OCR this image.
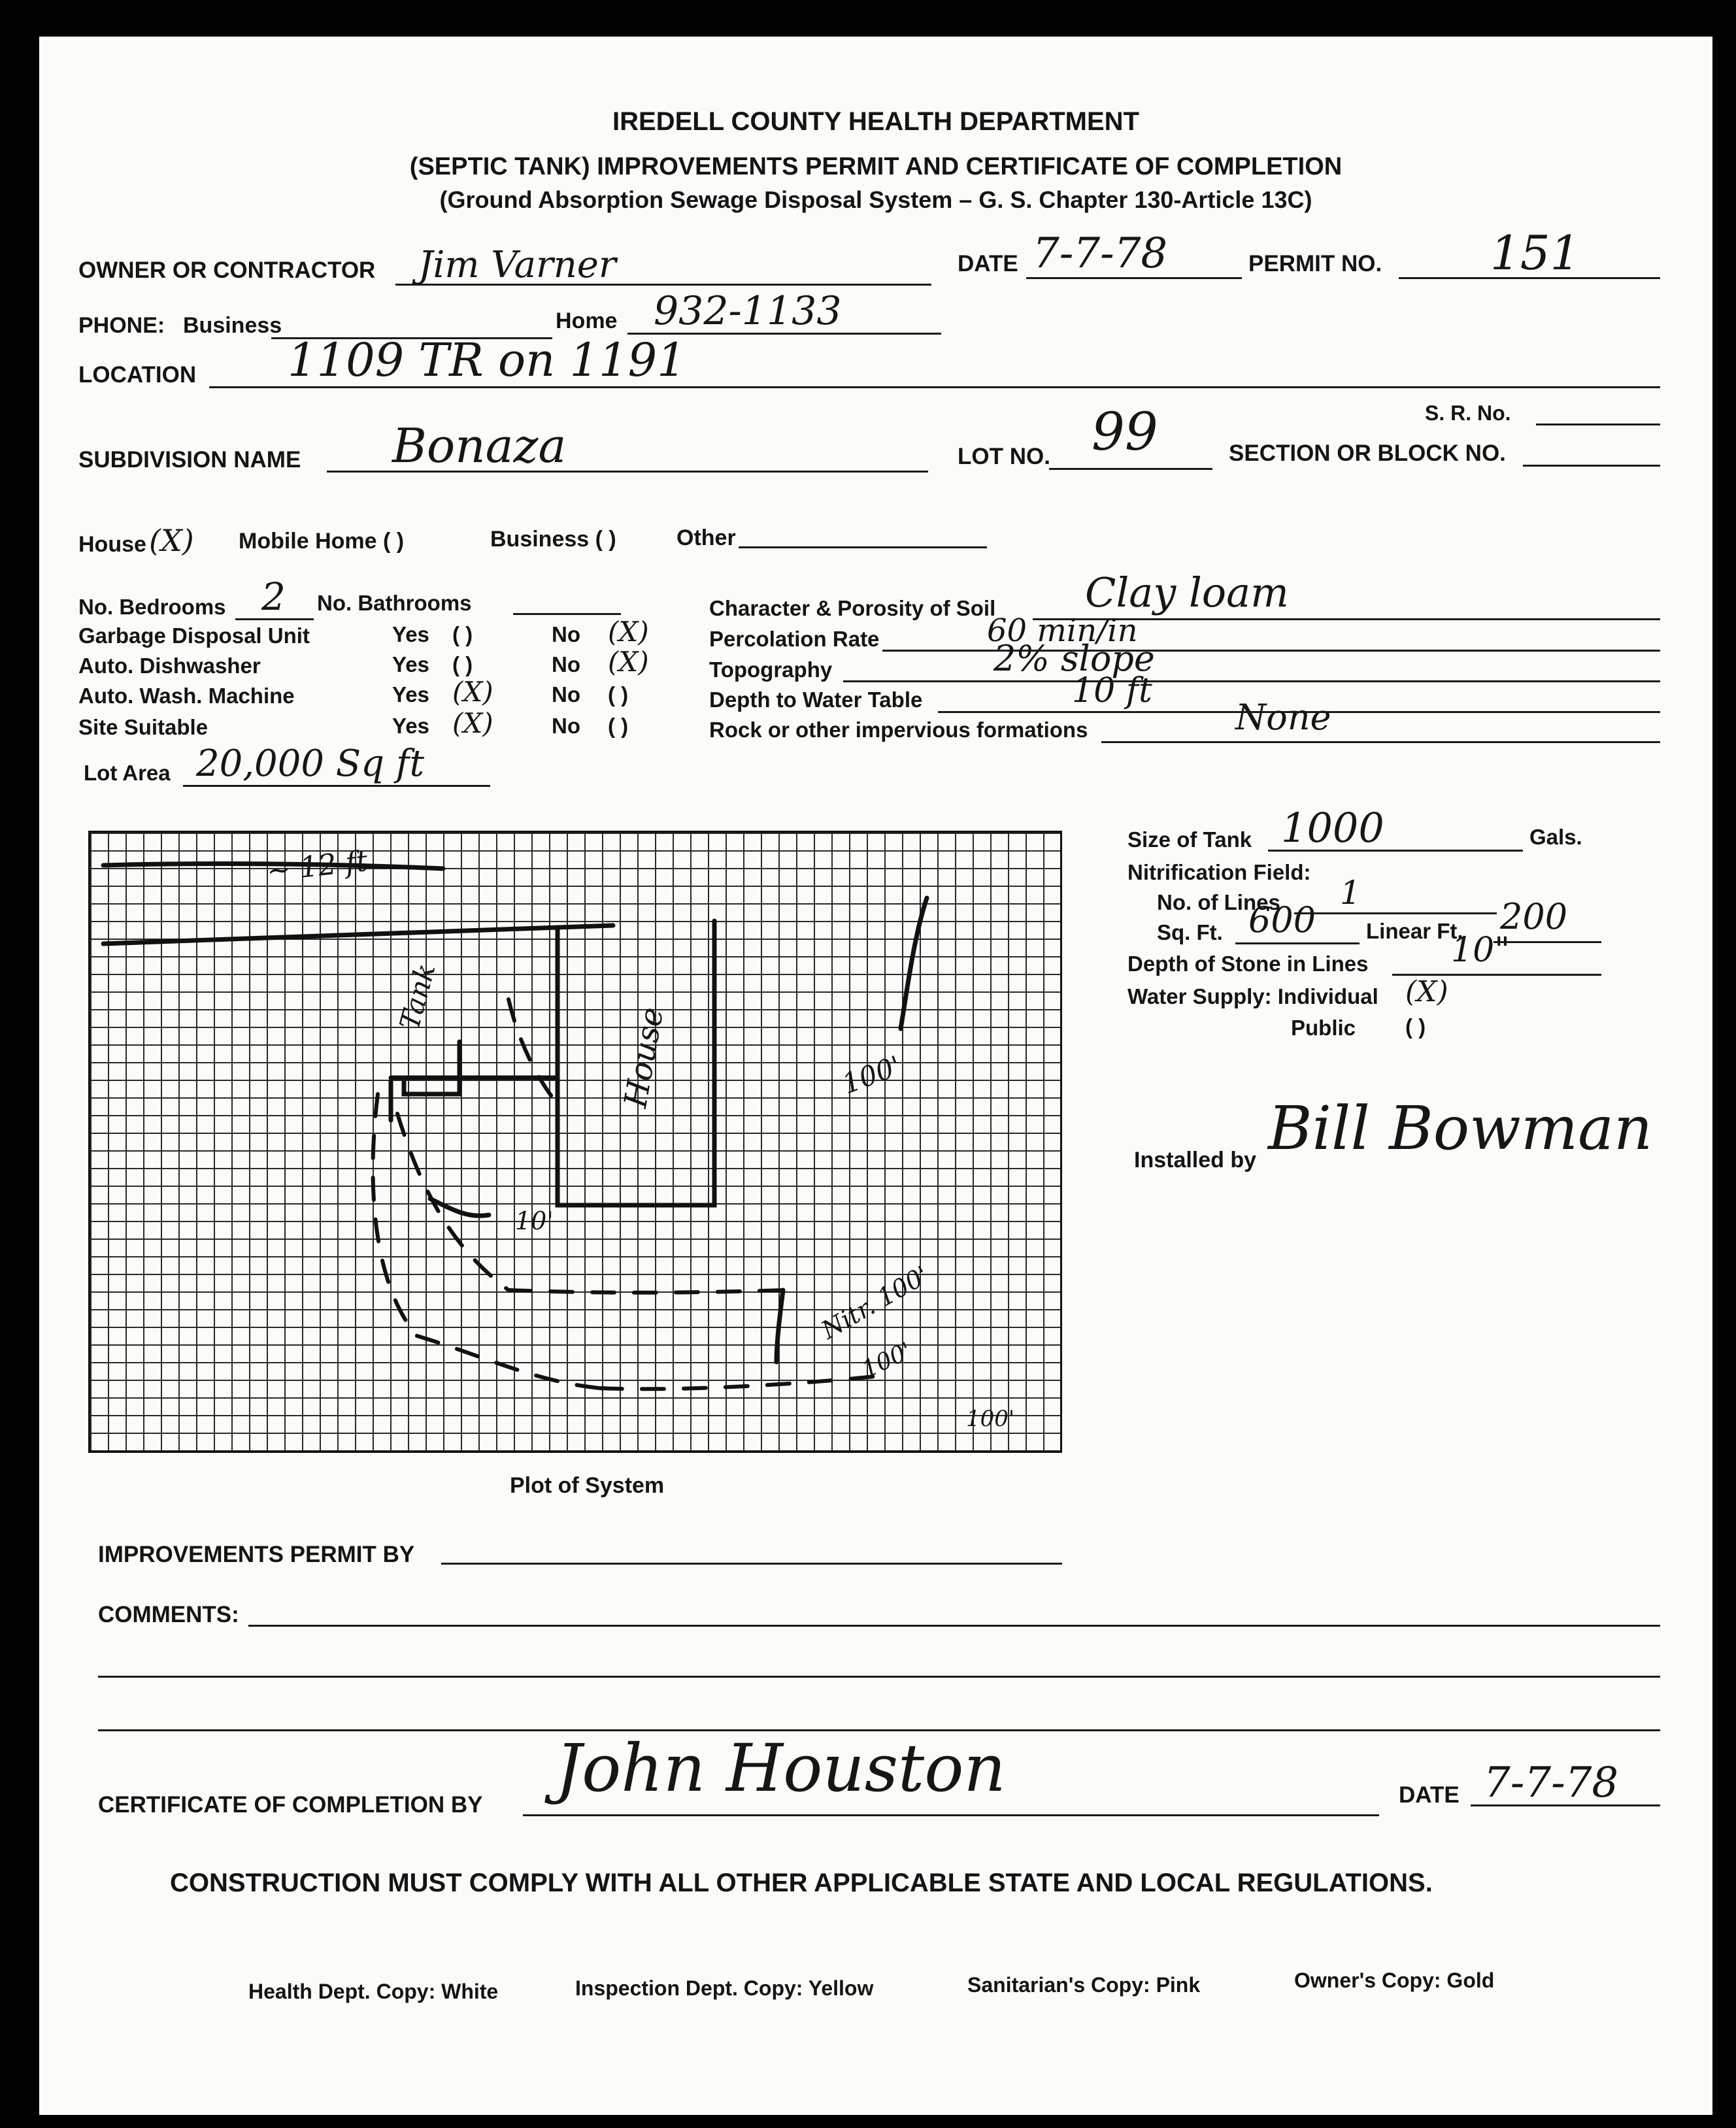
IREDELL COUNTY HEALTH DEPARTMENT
(SEPTIC TANK) IMPROVEMENTS PERMIT AND CERTIFICATE OF COMPLETION
(Ground Absorption Sewage Disposal System – G. S. Chapter 130-Article 13C)
OWNER OR CONTRACTOR Jim Varner	DATE 7-7-78	PERMIT NO. 151
PHONE: Business	Home 932-1133
LOCATION 1109 TR on 1191
S. R. No.
SUBDIVISION NAME Bonaza	LOT NO. 99	SECTION OR BLOCK NO.
House (X) Mobile Home ( )	Business ( )	Other
No. Bedrooms 2 No. Bathrooms
Garbage Disposal Unit	Yes ( )	No (X)
Auto. Dishwasher	Yes ( )	No (X)
Auto. Wash. Machine	Yes (X)	No ( )
Site Suitable	Yes (X)	No ( )
Lot Area 20,000 Sq ft
Character & Porosity of Soil Clay loam
Percolation Rate	60 min/in
Topography	2% slope
Depth to Water Table	10 ft
Rock or other impervious formations	None
~ 12 ft
House
Tank
10'
100'
Nitr. 100'
100'
100'
Plot of System
Size of Tank 1000	Gals.
Nitrification Field:
No. of Lines 1
Sq. Ft. 600 Linear Ft. 200
Depth of Stone in Lines 10"
Water Supply: Individual (X)
Public ( )
Installed by Bill Bowman
IMPROVEMENTS PERMIT BY
COMMENTS:
CERTIFICATE OF COMPLETION BY John Houston	DATE 7-7-78
CONSTRUCTION MUST COMPLY WITH ALL OTHER APPLICABLE STATE AND LOCAL REGULATIONS.
Health Dept. Copy: White	Inspection Dept. Copy: Yellow	Sanitarian's Copy: Pink	Owner's Copy: Gold
